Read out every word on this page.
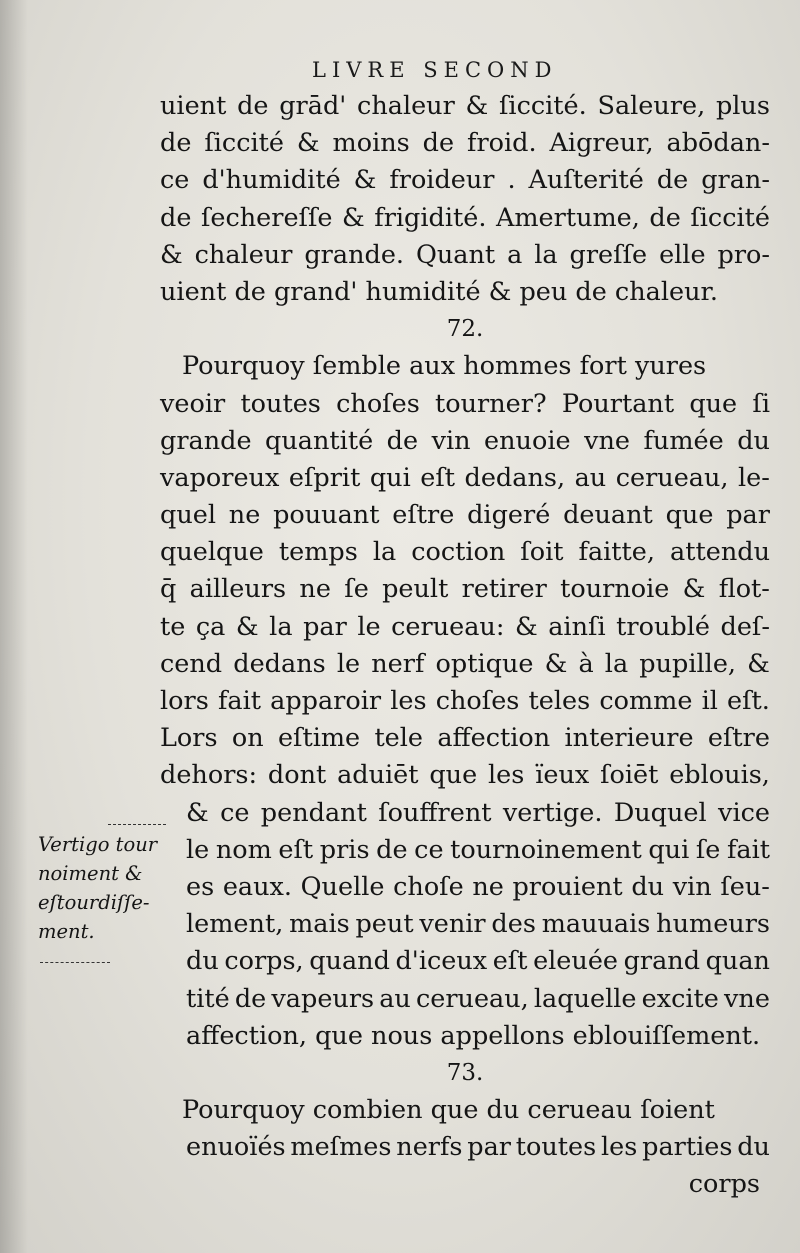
LIVRE SECOND
uient de grād' chaleur & ſiccité. Saleure, plus
de ſiccité & moins de froid. Aigreur, abōdan-
ce d'humidité & froideur . Auſterité de gran-
de ſechereſſe & frigidité. Amertume, de ſiccité
& chaleur grande. Quant a la greſſe elle pro-
uient de grand' humidité & peu de chaleur.
72.
Pourquoy ſemble aux hommes fort yures
veoir toutes choſes tourner? Pourtant que ſi
grande quantité de vin enuoie vne fumée du
vaporeux eſprit qui eſt dedans, au cerueau, le-
quel ne pouuant eſtre digeré deuant que par
quelque temps la coction ſoit faitte, attendu
q̄ ailleurs ne ſe peult retirer tournoie & flot-
te ça & la par le cerueau: & ainſi troublé deſ-
cend dedans le nerf optique & à la pupille, &
lors fait apparoir les choſes teles comme il eſt.
Lors on eſtime tele affection interieure eſtre
dehors: dont aduiēt que les ïeux ſoiēt eblouis,
& ce pendant ſouffrent vertige. Duquel vice
le nom eſt pris de ce tournoinement qui ſe fait
es eaux. Quelle choſe ne prouient du vin ſeu-
lement, mais peut venir des mauuais humeurs
du corps, quand d'iceux eſt eleuée grand quan
tité de vapeurs au cerueau, laquelle excite vne
affection, que nous appellons eblouiſſement.
73.
Pourquoy combien que du cerueau ſoient
enuoïés meſmes nerfs par toutes les parties du
corps
Vertigo tour
noiment &
eſtourdiſſe-
ment.
